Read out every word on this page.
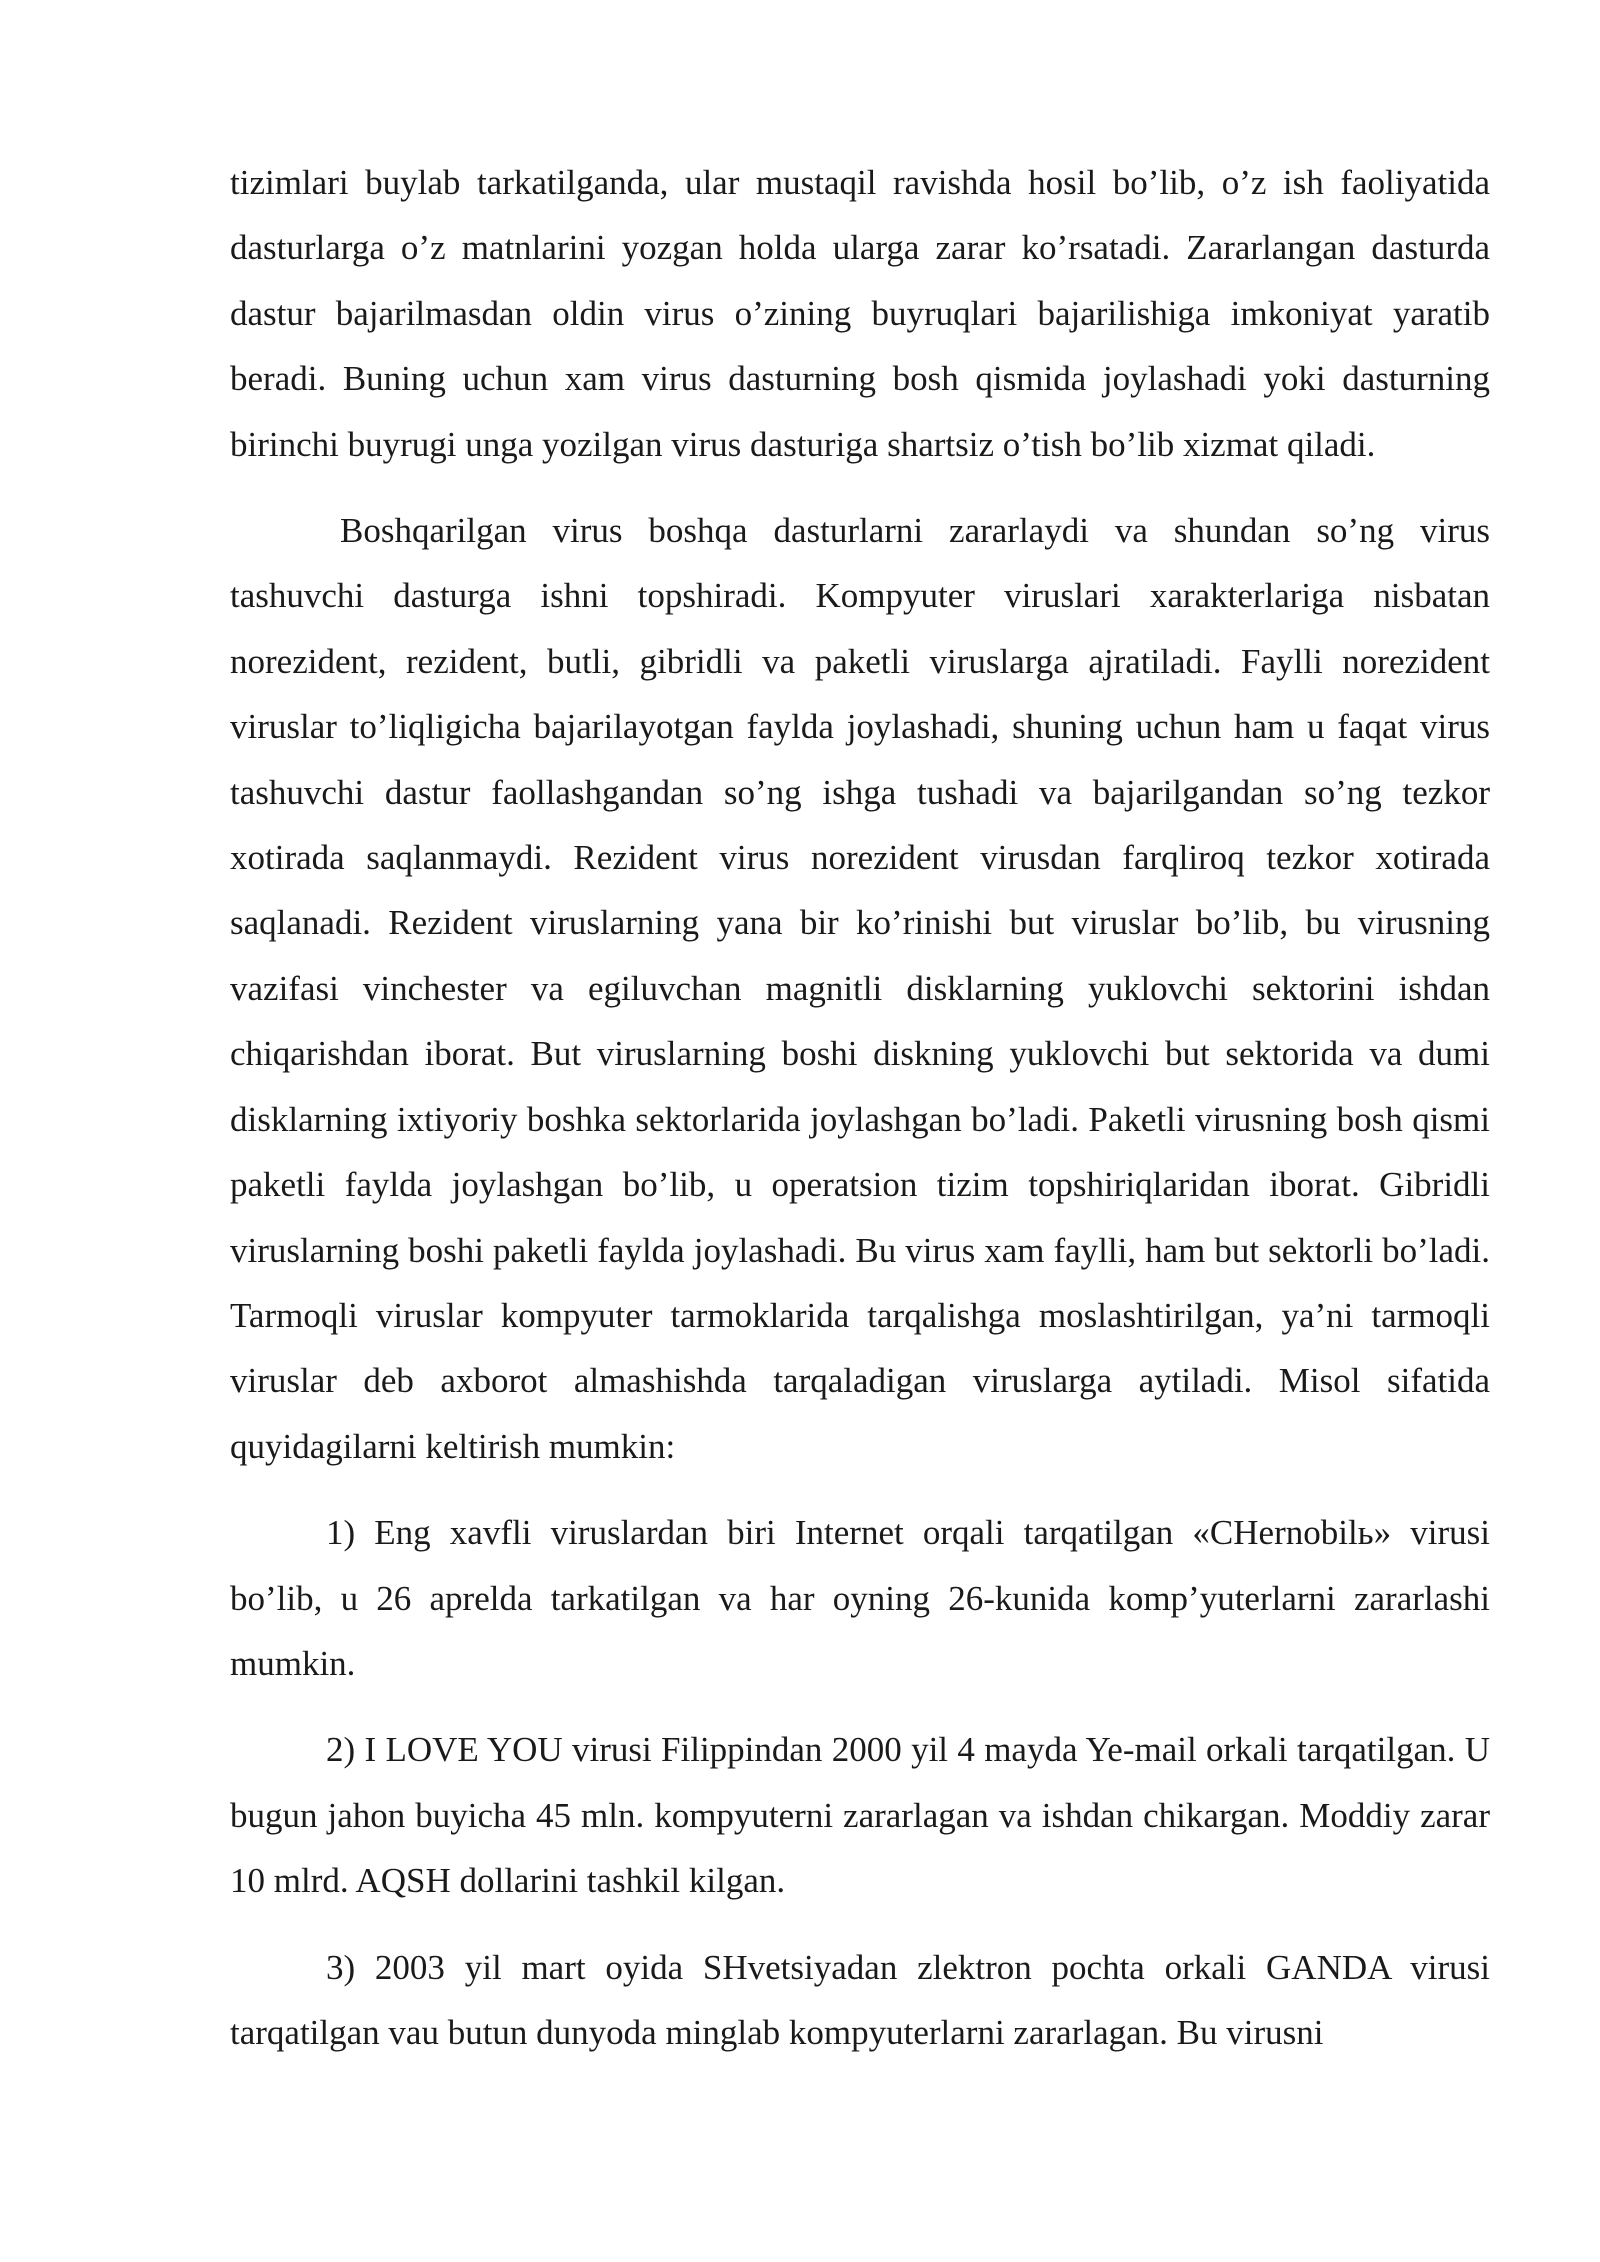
tizimlari buylab tarkatilganda, ular mustaqil ravishda hosil bo’lib, o’z ish faoliyatida dasturlarga o’z matnlarini yozgan holda ularga zarar ko’rsatadi. Zararlangan dasturda dastur bajarilmasdan oldin virus o’zining buyruqlari bajarilishiga imkoniyat yaratib beradi. Buning uchun xam virus dasturning bosh qismida joylashadi yoki dasturning birinchi buyrugi unga yozilgan virus dasturiga shartsiz o’tish bo’lib xizmat qiladi.

Boshqarilgan virus boshqa dasturlarni zararlaydi va shundan so’ng virus tashuvchi dasturga ishni topshiradi. Kompyuter viruslari xarakterlariga nisbatan norezident, rezident, butli, gibridli va paketli viruslarga ajratiladi. Faylli norezident viruslar to’liqligicha bajarilayotgan faylda joylashadi, shuning uchun ham u faqat virus tashuvchi dastur faollashgandan so’ng ishga tushadi va bajarilgandan so’ng tezkor xotirada saqlanmaydi. Rezident virus norezident virusdan farqliroq tezkor xotirada saqlanadi. Rezident viruslarning yana bir ko’rinishi but viruslar bo’lib, bu virusning vazifasi vinchester va egiluvchan magnitli disklarning yuklovchi sektorini ishdan chiqarishdan iborat. But viruslarning boshi diskning yuklovchi but sektorida va dumi disklarning ixtiyoriy boshka sektorlarida joylashgan bo’ladi. Paketli virusning bosh qismi paketli faylda joylashgan bo’lib, u operatsion tizim topshiriqlaridan iborat. Gibridli viruslarning boshi paketli faylda joylashadi. Bu virus xam faylli, ham but sektorli bo’ladi. Tarmoqli viruslar kompyuter tarmoklarida tarqalishga moslashtirilgan, ya’ni tarmoqli viruslar deb axborot almashishda tarqaladigan viruslarga aytiladi. Misol sifatida quyidagilarni keltirish mumkin:

1) Eng xavfli viruslardan biri Internet orqali tarqatilgan «CHernobilь» virusi bo’lib, u 26 aprelda tarkatilgan va har oyning 26-kunida komp’yuterlarni zararlashi mumkin.

2) I LOVE YOU virusi Filippindan 2000 yil 4 mayda Ye-mail orkali tarqatilgan. U bugun jahon buyicha 45 mln. kompyuterni zararlagan va ishdan chikargan. Moddiy zarar 10 mlrd. AQSH dollarini tashkil kilgan.

3) 2003 yil mart oyida SHvetsiyadan zlektron pochta orkali GANDA virusi tarqatilgan vau butun dunyoda minglab kompyuterlarni zararlagan. Bu virusni
